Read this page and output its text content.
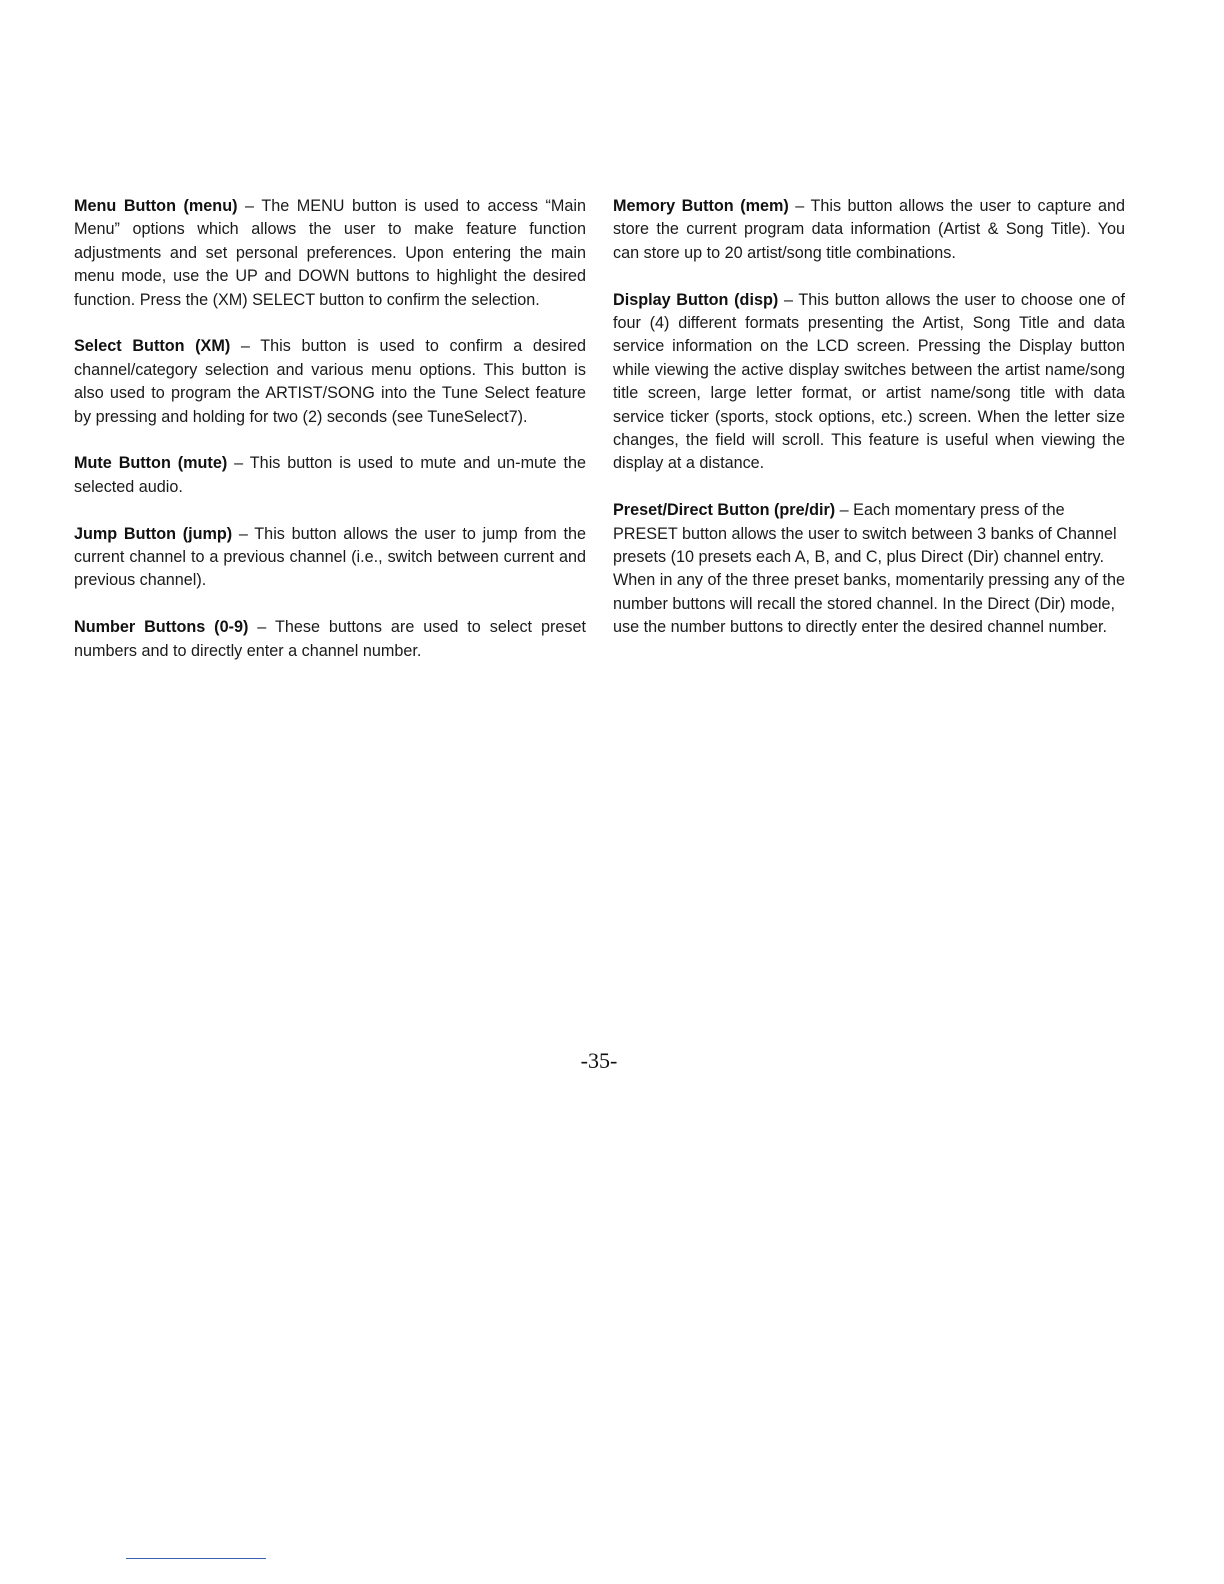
Menu Button (menu) – The MENU button is used to access “Main Menu” options which allows the user to make feature function adjustments and set personal preferences. Upon entering the main menu mode, use the UP and DOWN buttons to highlight the desired function. Press the (XM) SELECT button to confirm the selection.

Select Button (XM) – This button is used to confirm a desired channel/category selection and various menu options. This button is also used to program the ARTIST/SONG into the Tune Select feature by pressing and holding for two (2) seconds (see TuneSelect7).

Mute Button (mute) – This button is used to mute and un-mute the selected audio.

Jump Button (jump) – This button allows the user to jump from the current channel to a previous channel (i.e., switch between current and previous channel).

Number Buttons (0-9) – These buttons are used to select preset numbers and to directly enter a channel number.

Memory Button (mem) – This button allows the user to capture and store the current program data information (Artist & Song Title). You can store up to 20 artist/song title combinations.

Display Button (disp) – This button allows the user to choose one of four (4) different formats presenting the Artist, Song Title and data service information on the LCD screen. Pressing the Display button while viewing the active display switches between the artist name/song title screen, large letter format, or artist name/song title with data service ticker (sports, stock options, etc.) screen. When the letter size changes, the field will scroll. This feature is useful when viewing the display at a distance.

Preset/Direct Button (pre/dir) – Each momentary press of the PRESET button allows the user to switch between 3 banks of Channel presets (10 presets each A, B, and C, plus Direct (Dir) channel entry. When in any of the three preset banks, momentarily pressing any of the number buttons will recall the stored channel. In the Direct (Dir) mode, use the number buttons to directly enter the desired channel number.

-35-
